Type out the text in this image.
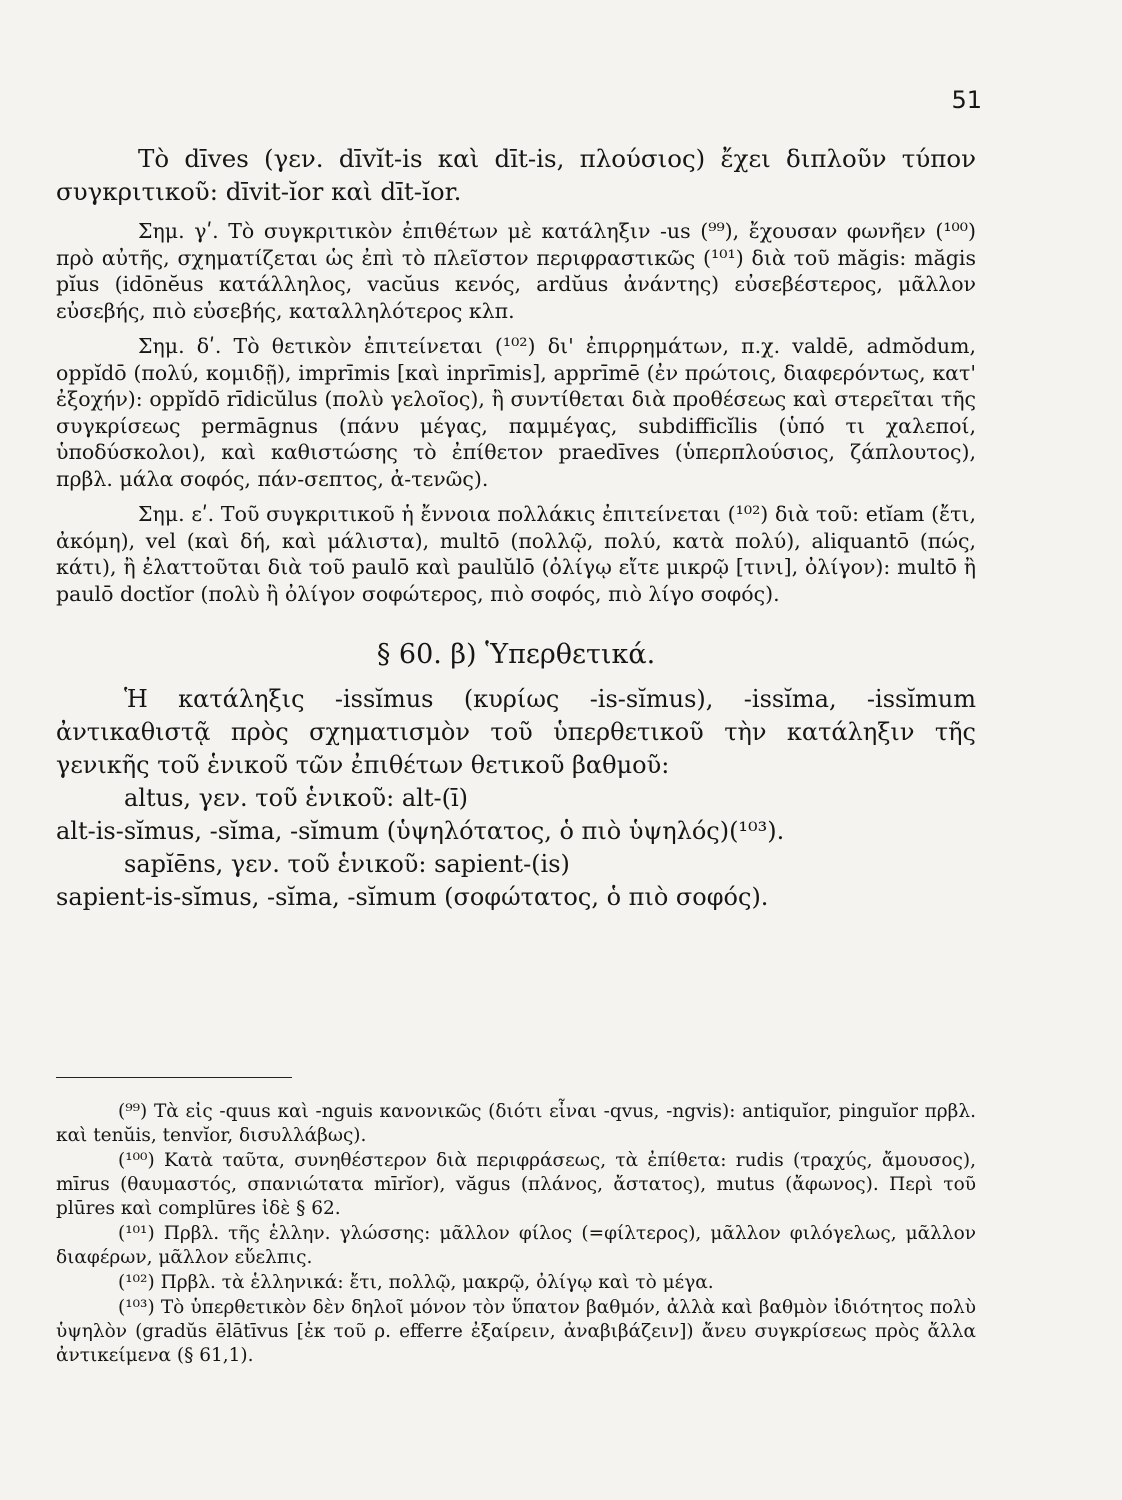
51

Τὸ dīves (γεν. dīvĭt-is καὶ dīt-is, πλούσιος) ἔχει διπλοῦν τύπον συγκριτικοῦ: dīvit-ĭor καὶ dīt-ĭor.

Σημ. γʹ. Τὸ συγκριτικὸν ἐπιθέτων μὲ κατάληξιν -us (⁹⁹), ἔχουσαν φωνῆεν (¹⁰⁰) πρὸ αὐτῆς, σχηματίζεται ὡς ἐπὶ τὸ πλεῖστον περιφραστικῶς (¹⁰¹) διὰ τοῦ măgis: măgis pĭus (idōnĕus κατάλληλος, vacŭus κενός, ardŭus ἀνάντης) εὐσεβέστερος, μᾶλλον εὐσεβής, πιὸ εὐσεβής, καταλληλότερος κλπ.

Σημ. δʹ. Τὸ θετικὸν ἐπιτείνεται (¹⁰²) δι' ἐπιρρημάτων, π.χ. valdē, admŏdum, oppĭdō (πολύ, κομιδῇ), imprīmis [καὶ inprīmis], apprīmē (ἐν πρώτοις, διαφερόντως, κατ' ἐξοχήν): oppĭdō rīdicŭlus (πολὺ γελοῖος), ἢ συντίθεται διὰ προθέσεως καὶ στερεῖται τῆς συγκρίσεως permāgnus (πάνυ μέγας, παμμέγας, subdifficĭlis (ὑπό τι χαλεποί, ὑποδύσκολοι), καὶ καθιστώσης τὸ ἐπίθετον praedīves (ὑπερπλούσιος, ζάπλουτος), πρβλ. μάλα σοφός, πάν-σεπτος, ἀ-τενῶς).

Σημ. εʹ. Τοῦ συγκριτικοῦ ἡ ἔννοια πολλάκις ἐπιτείνεται (¹⁰²) διὰ τοῦ: etĭam (ἔτι, ἀκόμη), vel (καὶ δή, καὶ μάλιστα), multō (πολλῷ, πολύ, κατὰ πολύ), aliquantō (πώς, κάτι), ἢ ἐλαττοῦται διὰ τοῦ paulō καὶ paulŭlō (ὀλίγῳ εἴτε μικρῷ [τινι], ὀλίγον): multō ἢ paulō doctĭor (πολὺ ἢ ὀλίγον σοφώτερος, πιὸ σοφός, πιὸ λίγο σοφός).

§ 60. β) Ὑπερθετικά.

Ἡ κατάληξις -issĭmus (κυρίως -is-sĭmus), -issĭma, -issĭmum ἀντικαθιστᾷ πρὸς σχηματισμὸν τοῦ ὑπερθετικοῦ τὴν κατάληξιν τῆς γενικῆς τοῦ ἑνικοῦ τῶν ἐπιθέτων θετικοῦ βαθμοῦ:

altus, γεν. τοῦ ἑνικοῦ: alt-(ī)

alt-is-sĭmus, -sĭma, -sĭmum (ὑψηλότατος, ὁ πιὸ ὑψηλός)(¹⁰³).

sapĭēns, γεν. τοῦ ἑνικοῦ: sapient-(is)

sapient-is-sĭmus, -sĭma, -sĭmum (σοφώτατος, ὁ πιὸ σοφός).

(⁹⁹) Τὰ εἰς -quus καὶ -nguis κανονικῶς (διότι εἶναι -qvus, -ngvis): antiquĭor, pinguĭor πρβλ. καὶ tenŭis, tenvĭor, δισυλλάβως).

(¹⁰⁰) Κατὰ ταῦτα, συνηθέστερον διὰ περιφράσεως, τὰ ἐπίθετα: rudis (τραχύς, ἄμουσος), mīrus (θαυμαστός, σπανιώτατα mīrĭor), văgus (πλάνος, ἄστατος), mutus (ἄφωνος). Περὶ τοῦ plūres καὶ complūres ἰδὲ § 62.

(¹⁰¹) Πρβλ. τῆς ἑλλην. γλώσσης: μᾶλλον φίλος (=φίλτερος), μᾶλλον φιλόγελως, μᾶλλον διαφέρων, μᾶλλον εὔελπις.

(¹⁰²) Πρβλ. τὰ ἑλληνικά: ἔτι, πολλῷ, μακρῷ, ὀλίγῳ καὶ τὸ μέγα.

(¹⁰³) Τὸ ὑπερθετικὸν δὲν δηλοῖ μόνον τὸν ὕπατον βαθμόν, ἀλλὰ καὶ βαθμὸν ἰδιότητος πολὺ ὑψηλὸν (gradŭs ēlātīvus [ἐκ τοῦ ρ. efferre ἐξαίρειν, ἀναβιβάζειν]) ἄνευ συγκρίσεως πρὸς ἄλλα ἀντικείμενα (§ 61,1).
